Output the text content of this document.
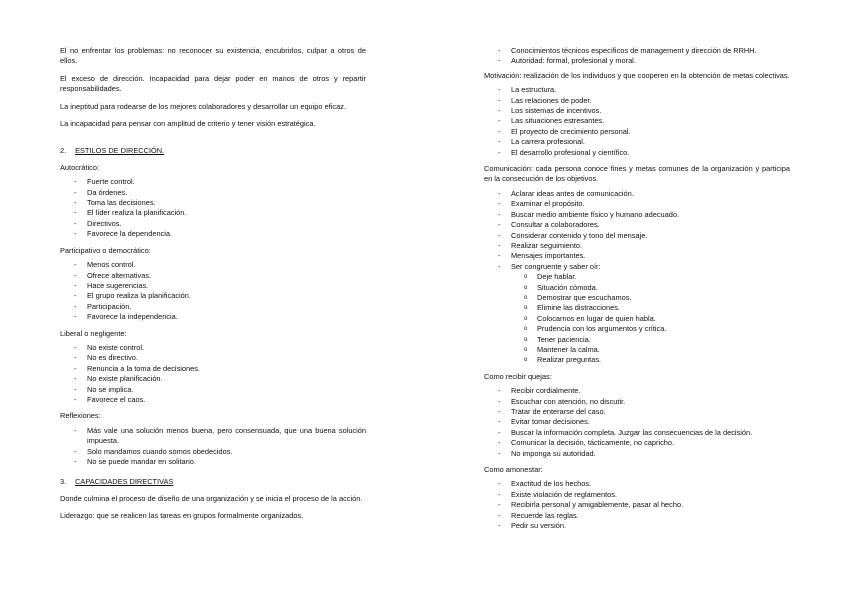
El no enfrentar los problemas: no reconocer su existencia, encubrirlos, culpar a otros de ellos.

El exceso de dirección. Incapacidad para dejar poder en manos de otros y repartir responsabilidades.

La ineptitud para rodearse de los mejores colaboradores y desarrollar un equipo eficaz.

La incapacidad para pensar con amplitud de criterio y tener visión estratégica.

2. ESTILOS DE DIRECCIÓN.
Autocrático:
- Fuerte control.
- Da órdenes.
- Toma las decisiones.
- El líder realiza la planificación.
- Directivos.
- Favorece la dependencia.
Participativo o democrático:
- Menos control.
- Ofrece alternativas.
- Hace sugerencias.
- El grupo realiza la planificación.
- Participación.
- Favorece la independencia.
Liberal o negligente:
- No existe control.
- No es directivo.
- Renuncia a la toma de decisiones.
- No existe planificación.
- No se implica.
- Favorece el caos.
Reflexiones:
- Más vale una solución menos buena, pero consensuada, que una buena solución impuesta.
- Solo mandamos cuando somos obedecidos.
- No se puede mandar en solitario.
3. CAPACIDADES DIRECTIVAS

Donde culmina el proceso de diseño de una organización y se inicia el proceso de la acción.

Liderazgo: que se realicen las tareas en grupos formalmente organizados.

- Conocimientos técnicos específicos de management y dirección de RRHH.
- Autoridad: formal, profesional y moral.
Motivación: realización de los individuos y que cooperen en la obtención de metas colectivas.
- La estructura.
- Las relaciones de poder.
- Los sistemas de incentivos.
- Las situaciones estresantes.
- El proyecto de crecimiento personal.
- La carrera profesional.
- El desarrollo profesional y científico.
Comunicación: cada persona conoce fines y metas comunes de la organización y participa en la consecución de los objetivos.
- Aclarar ideas antes de comunicación.
- Examinar el propósito.
- Buscar medio ambiente físico y humano adecuado.
- Consultar a colaboradores.
- Considerar contenido y tono del mensaje.
- Realizar seguimiento.
- Mensajes importantes.
- Ser congruente y saber oír:
o Deje hablar.
o Situación cómoda.
o Demostrar que escuchamos.
o Elimine las distracciones.
o Colocarnos en lugar de quien habla.
o Prudencia con los argumentos y crítica.
o Tener paciencia.
o Mantener la calma.
o Realizar preguntas.
Como recibir quejas:
- Recibir cordialmente.
- Escuchar con atención, no discutir.
- Tratar de enterarse del caso.
- Evitar tomar decisiones.
- Buscar la información completa. Juzgar las consecuencias de la decisión.
- Comunicar la decisión, tácticamente, no capricho.
- No imponga su autoridad.
Como amonestar:
- Exactitud de los hechos.
- Existe violación de reglamentos.
- Recibirla personal y amigablemente, pasar al hecho.
- Recuerde las reglas.
- Pedir su versión.
